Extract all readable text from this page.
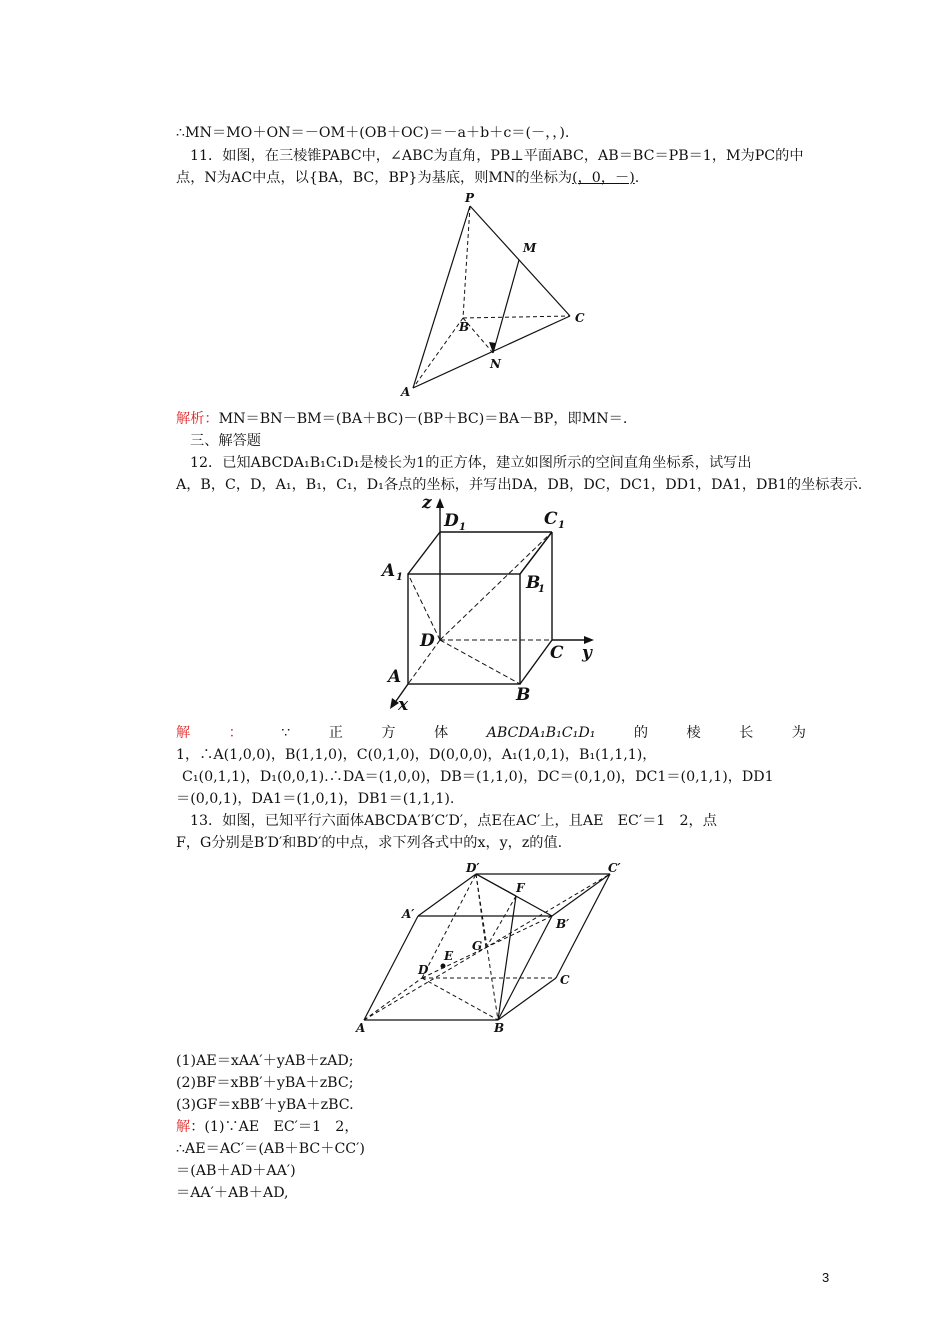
∴MN＝MO＋ON＝－OM＋(OB＋OC)＝－a＋b＋c＝(－，，).
11．如图，在三棱锥PABC中，∠ABC为直角，PB⊥平面ABC，AB＝BC＝PB＝1，M为PC的中
点，N为AC中点，以{BA，BC，BP}为基底，则MN的坐标为(，0，－).
P
M
B
C
N
A
解析：MN＝BN－BM＝(BA＋BC)－(BP＋BC)＝BA－BP，即MN＝.
三、解答题
12．已知ABCDA₁B₁C₁D₁是棱长为1的正方体，建立如图所示的空间直角坐标系，试写出
A，B，C，D，A₁，B₁，C₁，D₁各点的坐标，并写出DA，DB，DC，DC1，DD1，DA1，DB1的坐标表示.
z
D 1	C 1
A 1	B
1
D
C y
A
B
x
解	：	∵	正	方	体	ABCDA₁B₁C₁D₁	的	棱	长	为
1，∴A(1,0,0)，B(1,1,0)，C(0,1,0)，D(0,0,0)，A₁(1,0,1)，B₁(1,1,1)，
C₁(0,1,1)，D₁(0,0,1).∴DA＝(1,0,0)，DB＝(1,1,0)，DC＝(0,1,0)，DC1＝(0,1,1)，DD1
＝(0,0,1)，DA1＝(1,0,1)，DB1＝(1,1,1).
13．如图，已知平行六面体ABCDA′B′C′D′，点E在AC′上，且AE　EC′＝1　2，点
F，G分别是B′D′和BD′的中点，求下列各式中的x，y，z的值.
D′
F
C′
A′
B′
G
E
D
C
A	B
(1)AE＝xAA′＋yAB＋zAD;
(2)BF＝xBB′＋yBA＋zBC;
(3)GF＝xBB′＋yBA＋zBC.
解：(1)∵AE　EC′＝1　2，
∴AE＝AC′＝(AB＋BC＋CC′)
＝(AB＋AD＋AA′)
＝AA′＋AB＋AD,
3
